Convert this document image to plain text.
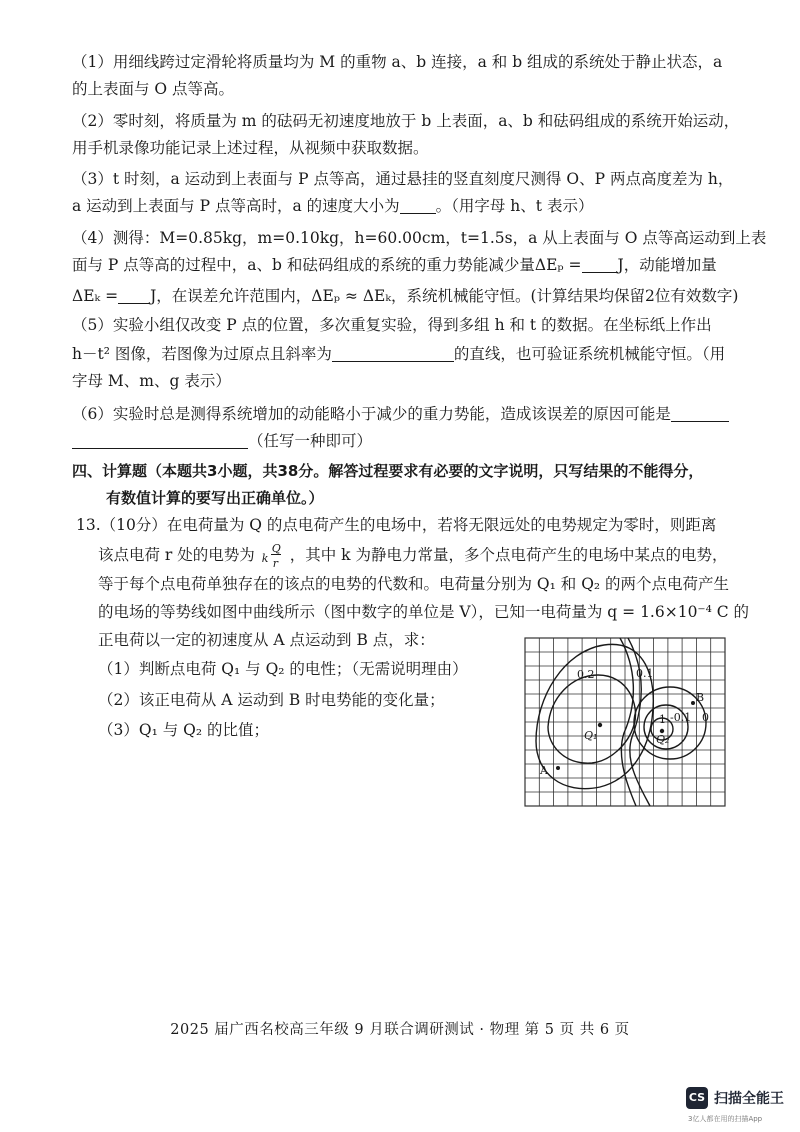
（1）用细线跨过定滑轮将质量均为 M 的重物 a、b 连接，a 和 b 组成的系统处于静止状态，a
的上表面与 O 点等高。
（2）零时刻，将质量为 m 的砝码无初速度地放于 b 上表面，a、b 和砝码组成的系统开始运动，
用手机录像功能记录上述过程，从视频中获取数据。
（3）t 时刻，a 运动到上表面与 P 点等高，通过悬挂的竖直刻度尺测得 O、P 两点高度差为 h，
a 运动到上表面与 P 点等高时，a 的速度大小为 。（用字母 h、t 表示）
（4）测得：M=0.85kg，m=0.10kg，h=60.00cm，t=1.5s，a 从上表面与 O 点等高运动到上表
面与 P 点等高的过程中，a、b 和砝码组成的系统的重力势能减少量ΔEₚ = J，动能增加量
ΔEₖ = J，在误差允许范围内，ΔEₚ ≈ ΔEₖ，系统机械能守恒。(计算结果均保留2位有效数字)
（5）实验小组仅改变 P 点的位置，多次重复实验，得到多组 h 和 t 的数据。在坐标纸上作出
h－t² 图像，若图像为过原点且斜率为	的直线，也可验证系统机械能守恒。（用
字母 M、m、g 表示）
（6）实验时总是测得系统增加的动能略小于减少的重力势能，造成该误差的原因可能是
（任写一种即可）
四、计算题（本题共3小题，共38分。解答过程要求有必要的文字说明，只写结果的不能得分，
有数值计算的要写出正确单位。）
13.（10分）在电荷量为 Q 的点电荷产生的电场中，若将无限远处的电势规定为零时，则距离
该点电荷 r 处的电势为 k
Q
r ，其中 k 为静电力常量，多个点电荷产生的电场中某点的电势，
等于每个点电荷单独存在的该点的电势的代数和。电荷量分别为 Q₁ 和 Q₂ 的两个点电荷产生
的电场的等势线如图中曲线所示（图中数字的单位是 V），已知一电荷量为 q = 1.6×10⁻⁴ C 的
正电荷以一定的初速度从 A 点运动到 B 点，求：
（1）判断点电荷 Q₁ 与 Q₂ 的电性；（无需说明理由）
（2）该正电荷从 A 运动到 B 时电势能的变化量；
（3）Q₁ 与 Q₂ 的比值；
0.2	0.1
1 -0.1 0
Q₁	Q₂
A
B
2025 届广西名校高三年级 9 月联合调研测试 · 物理 第 5 页 共 6 页
CS 扫描全能王
3亿人都在用的扫描App
